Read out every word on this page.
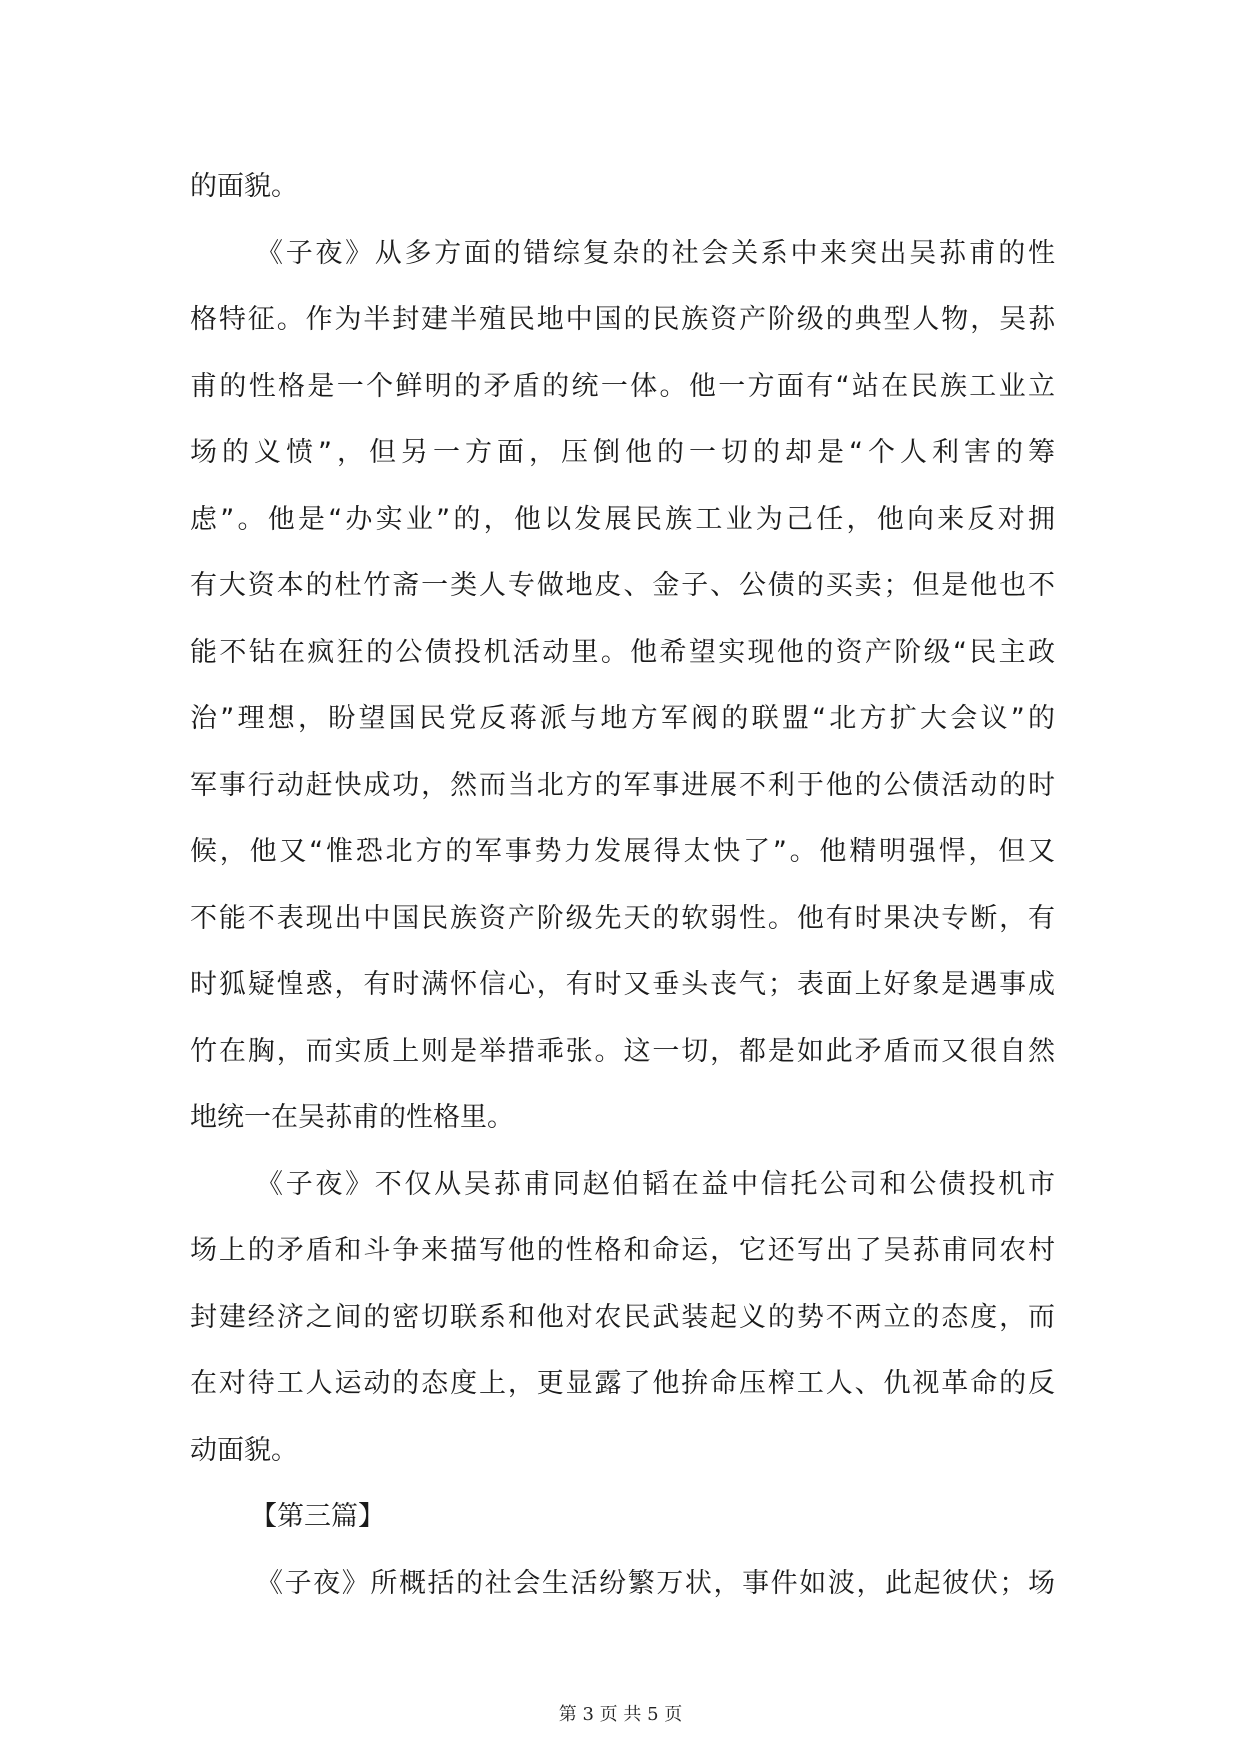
的面貌。
《子夜》从多方面的错综复杂的社会关系中来突出吴荪甫的性
格特征。作为半封建半殖民地中国的民族资产阶级的典型人物，吴荪
甫的性格是一个鲜明的矛盾的统一体。他一方面有“站在民族工业立
场的义愤”，但另一方面，压倒他的一切的却是“个人利害的筹
虑”。他是“办实业”的，他以发展民族工业为己任，他向来反对拥
有大资本的杜竹斋一类人专做地皮、金子、公债的买卖；但是他也不
能不钻在疯狂的公债投机活动里。他希望实现他的资产阶级“民主政
治”理想，盼望国民党反蒋派与地方军阀的联盟“北方扩大会议”的
军事行动赶快成功，然而当北方的军事进展不利于他的公债活动的时
候，他又“惟恐北方的军事势力发展得太快了”。他精明强悍，但又
不能不表现出中国民族资产阶级先天的软弱性。他有时果决专断，有
时狐疑惶惑，有时满怀信心，有时又垂头丧气；表面上好象是遇事成
竹在胸，而实质上则是举措乖张。这一切，都是如此矛盾而又很自然
地统一在吴荪甫的性格里。
《子夜》不仅从吴荪甫同赵伯韬在益中信托公司和公债投机市
场上的矛盾和斗争来描写他的性格和命运，它还写出了吴荪甫同农村
封建经济之间的密切联系和他对农民武装起义的势不两立的态度，而
在对待工人运动的态度上，更显露了他拚命压榨工人、仇视革命的反
动面貌。
【第三篇】
《子夜》所概括的社会生活纷繁万状，事件如波，此起彼伏；场
第 3 页 共 5 页
